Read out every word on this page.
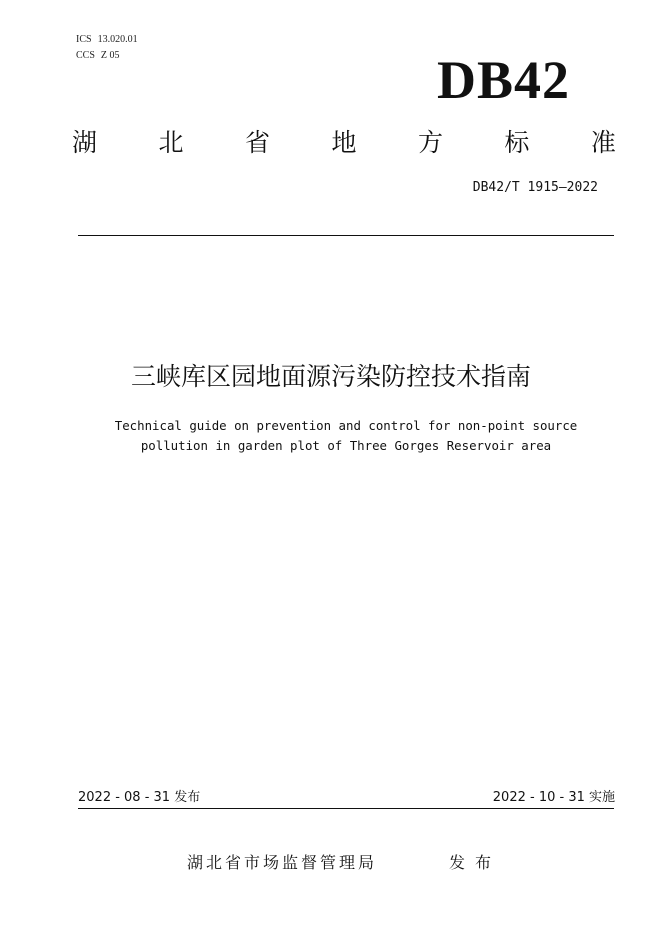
ICS 13.020.01
CCS Z 05	DB42
湖 北 省 地 方 标 准
DB42/T 1915—2022
三峡库区园地面源污染防控技术指南
Technical guide on prevention and control for non-point source
pollution in garden plot of Three Gorges Reservoir area
2022 - 08 - 31 发布	2022 - 10 - 31 实施
湖北省市场监督管理局	发布
